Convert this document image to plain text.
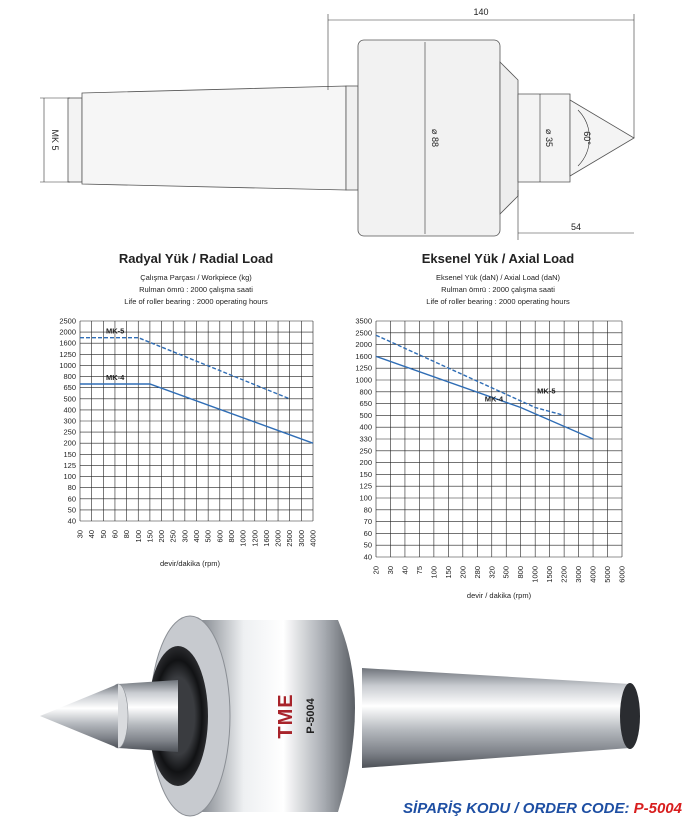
140
MK 5	⌀ 88	⌀ 35	60°
54
Radyal Yük / Radial Load
Çalışma Parçası / Workpiece (kg)
Rulman ömrü : 2000 çalışma saati
Life of roller bearing : 2000 operating hours
devir/dakika (rpm)
30 40 50 60 80 100 150 200 250 300 400 500 600 800 1000 1200 1600 2000 2500 3000 4000
40
50
60
80
100
125
150
200
250
300
400
500
650
800
1000
1250
1600
2000
2500
MK-5
MK-4
Eksenel Yük / Axial Load
Eksenel Yük (daN) / Axial Load (daN)
Rulman ömrü : 2000 çalışma saati
Life of roller bearing : 2000 operating hours
devir / dakika (rpm)
20 30 40 75 100 150 200 280 320 500 800 1000 1500 2200 3000 4000 5000 6000
40
50
60
70
80
100
125
150
200
250
330
400
500
650
800
1000
1250
1600
2000
2500
3500
MK-5
MK-4
TME P-5004
SİPARİŞ KODU / ORDER CODE: P-5004
